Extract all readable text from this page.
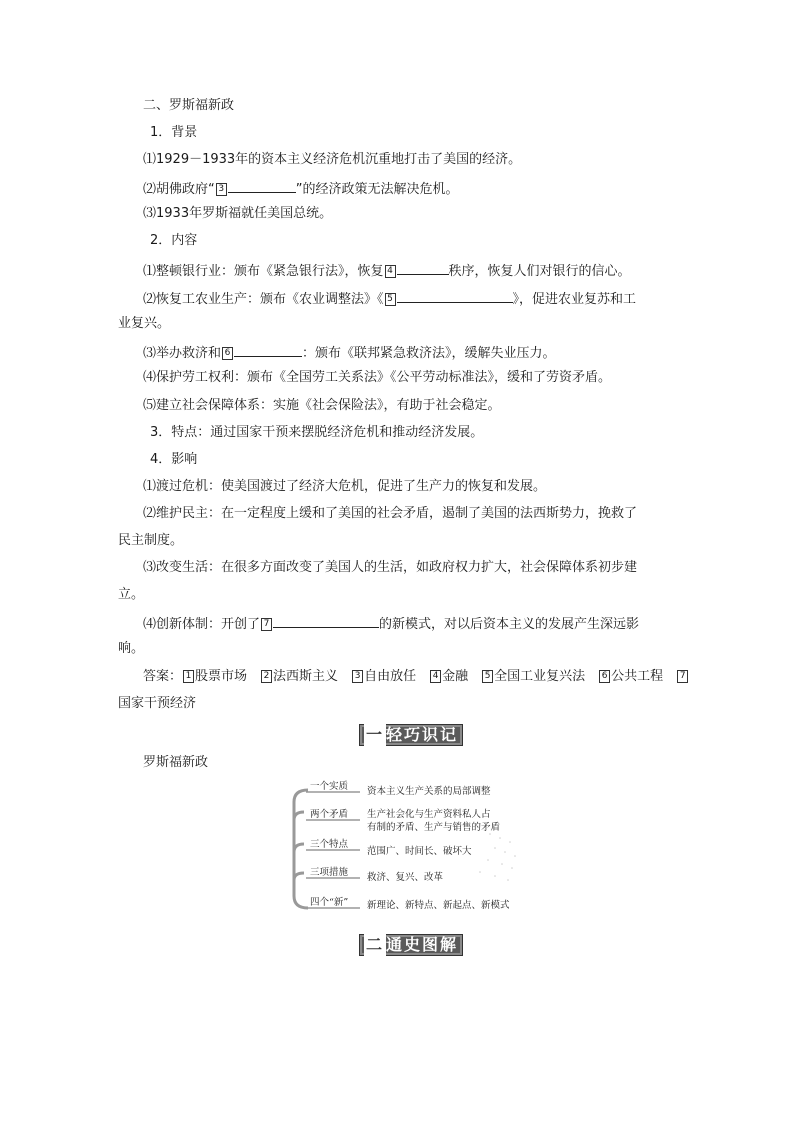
二、罗斯福新政
1．背景
⑴1929－1933年的资本主义经济危机沉重地打击了美国的经济。
⑵胡佛政府“ 3	”的经济政策无法解决危机。
⑶1933年罗斯福就任美国总统。
2．内容
⑴整顿银行业：颁布《紧急银行法》，恢复 4	秩序，恢复人们对银行的信心。
⑵恢复工农业生产：颁布《农业调整法》《 5	》，促进农业复苏和工
业复兴。
⑶举办救济和 6	：颁布《联邦紧急救济法》，缓解失业压力。
⑷保护劳工权利：颁布《全国劳工关系法》《公平劳动标准法》，缓和了劳资矛盾。
⑸建立社会保障体系：实施《社会保险法》，有助于社会稳定。
3．特点：通过国家干预来摆脱经济危机和推动经济发展。
4．影响
⑴渡过危机：使美国渡过了经济大危机，促进了生产力的恢复和发展。
⑵维护民主：在一定程度上缓和了美国的社会矛盾，遏制了美国的法西斯势力，挽救了
民主制度。
⑶改变生活：在很多方面改变了美国人的生活，如政府权力扩大，社会保障体系初步建
立。
⑷创新体制：开创了 7	的新模式，对以后资本主义的发展产生深远影
响。
答案： 1 股票市场　 2 法西斯主义　 3 自由放任　 4 金融　 5 全国工业复兴法　 6 公共工程　 7
国家干预经济
一 轻巧识记
罗斯福新政
一个实质
两个矛盾
三个特点
三项措施
四个“新”
资本主义生产关系的局部调整
生产社会化与生产资料私人占
有制的矛盾、生产与销售的矛盾
范围广、时间长、破坏大
救济、复兴、改革
新理论、新特点、新起点、新模式
二 通史图解
